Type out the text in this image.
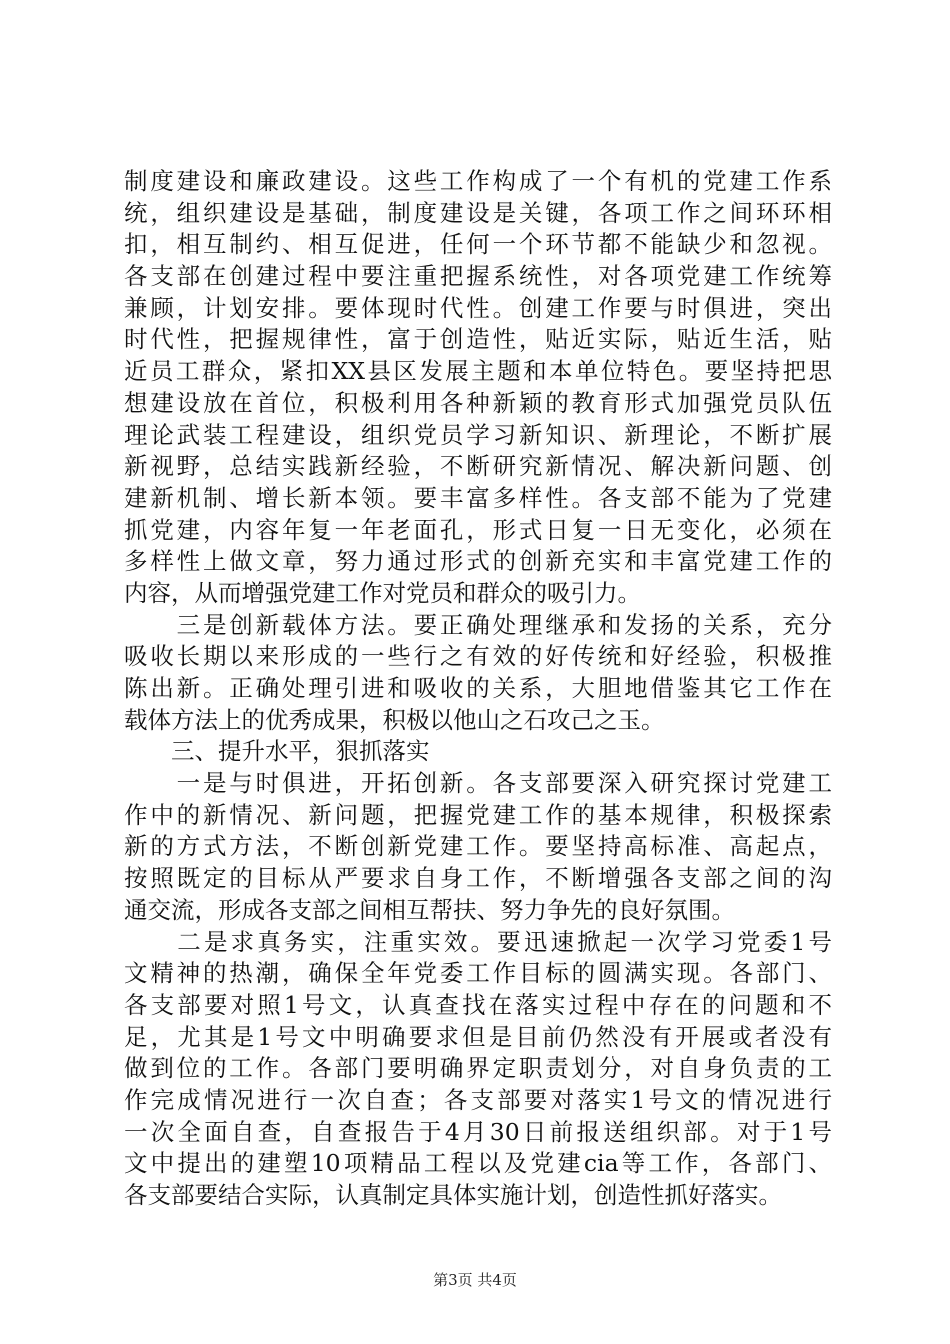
制度建设和廉政建设。这些工作构成了一个有机的党建工作系
统，组织建设是基础，制度建设是关键，各项工作之间环环相
扣，相互制约、相互促进，任何一个环节都不能缺少和忽视。
各支部在创建过程中要注重把握系统性，对各项党建工作统筹
兼顾，计划安排。要体现时代性。创建工作要与时俱进，突出
时代性，把握规律性，富于创造性，贴近实际，贴近生活，贴
近员工群众，紧扣XX县区发展主题和本单位特色。要坚持把思
想建设放在首位，积极利用各种新颖的教育形式加强党员队伍
理论武装工程建设，组织党员学习新知识、新理论，不断扩展
新视野，总结实践新经验，不断研究新情况、解决新问题、创
建新机制、增长新本领。要丰富多样性。各支部不能为了党建
抓党建，内容年复一年老面孔，形式日复一日无变化，必须在
多样性上做文章，努力通过形式的创新充实和丰富党建工作的
内容，从而增强党建工作对党员和群众的吸引力。
　　三是创新载体方法。要正确处理继承和发扬的关系，充分
吸收长期以来形成的一些行之有效的好传统和好经验，积极推
陈出新。正确处理引进和吸收的关系，大胆地借鉴其它工作在
载体方法上的优秀成果，积极以他山之石攻己之玉。
　　三、提升水平，狠抓落实
　　一是与时俱进，开拓创新。各支部要深入研究探讨党建工
作中的新情况、新问题，把握党建工作的基本规律，积极探索
新的方式方法，不断创新党建工作。要坚持高标准、高起点，
按照既定的目标从严要求自身工作，不断增强各支部之间的沟
通交流，形成各支部之间相互帮扶、努力争先的良好氛围。
　　二是求真务实，注重实效。要迅速掀起一次学习党委1号
文精神的热潮，确保全年党委工作目标的圆满实现。各部门、
各支部要对照1号文，认真查找在落实过程中存在的问题和不
足，尤其是1号文中明确要求但是目前仍然没有开展或者没有
做到位的工作。各部门要明确界定职责划分，对自身负责的工
作完成情况进行一次自查；各支部要对落实1号文的情况进行
一次全面自查，自查报告于4月30日前报送组织部。对于1号
文中提出的建塑10项精品工程以及党建cia等工作，各部门、
各支部要结合实际，认真制定具体实施计划，创造性抓好落实。
第3页 共4页
